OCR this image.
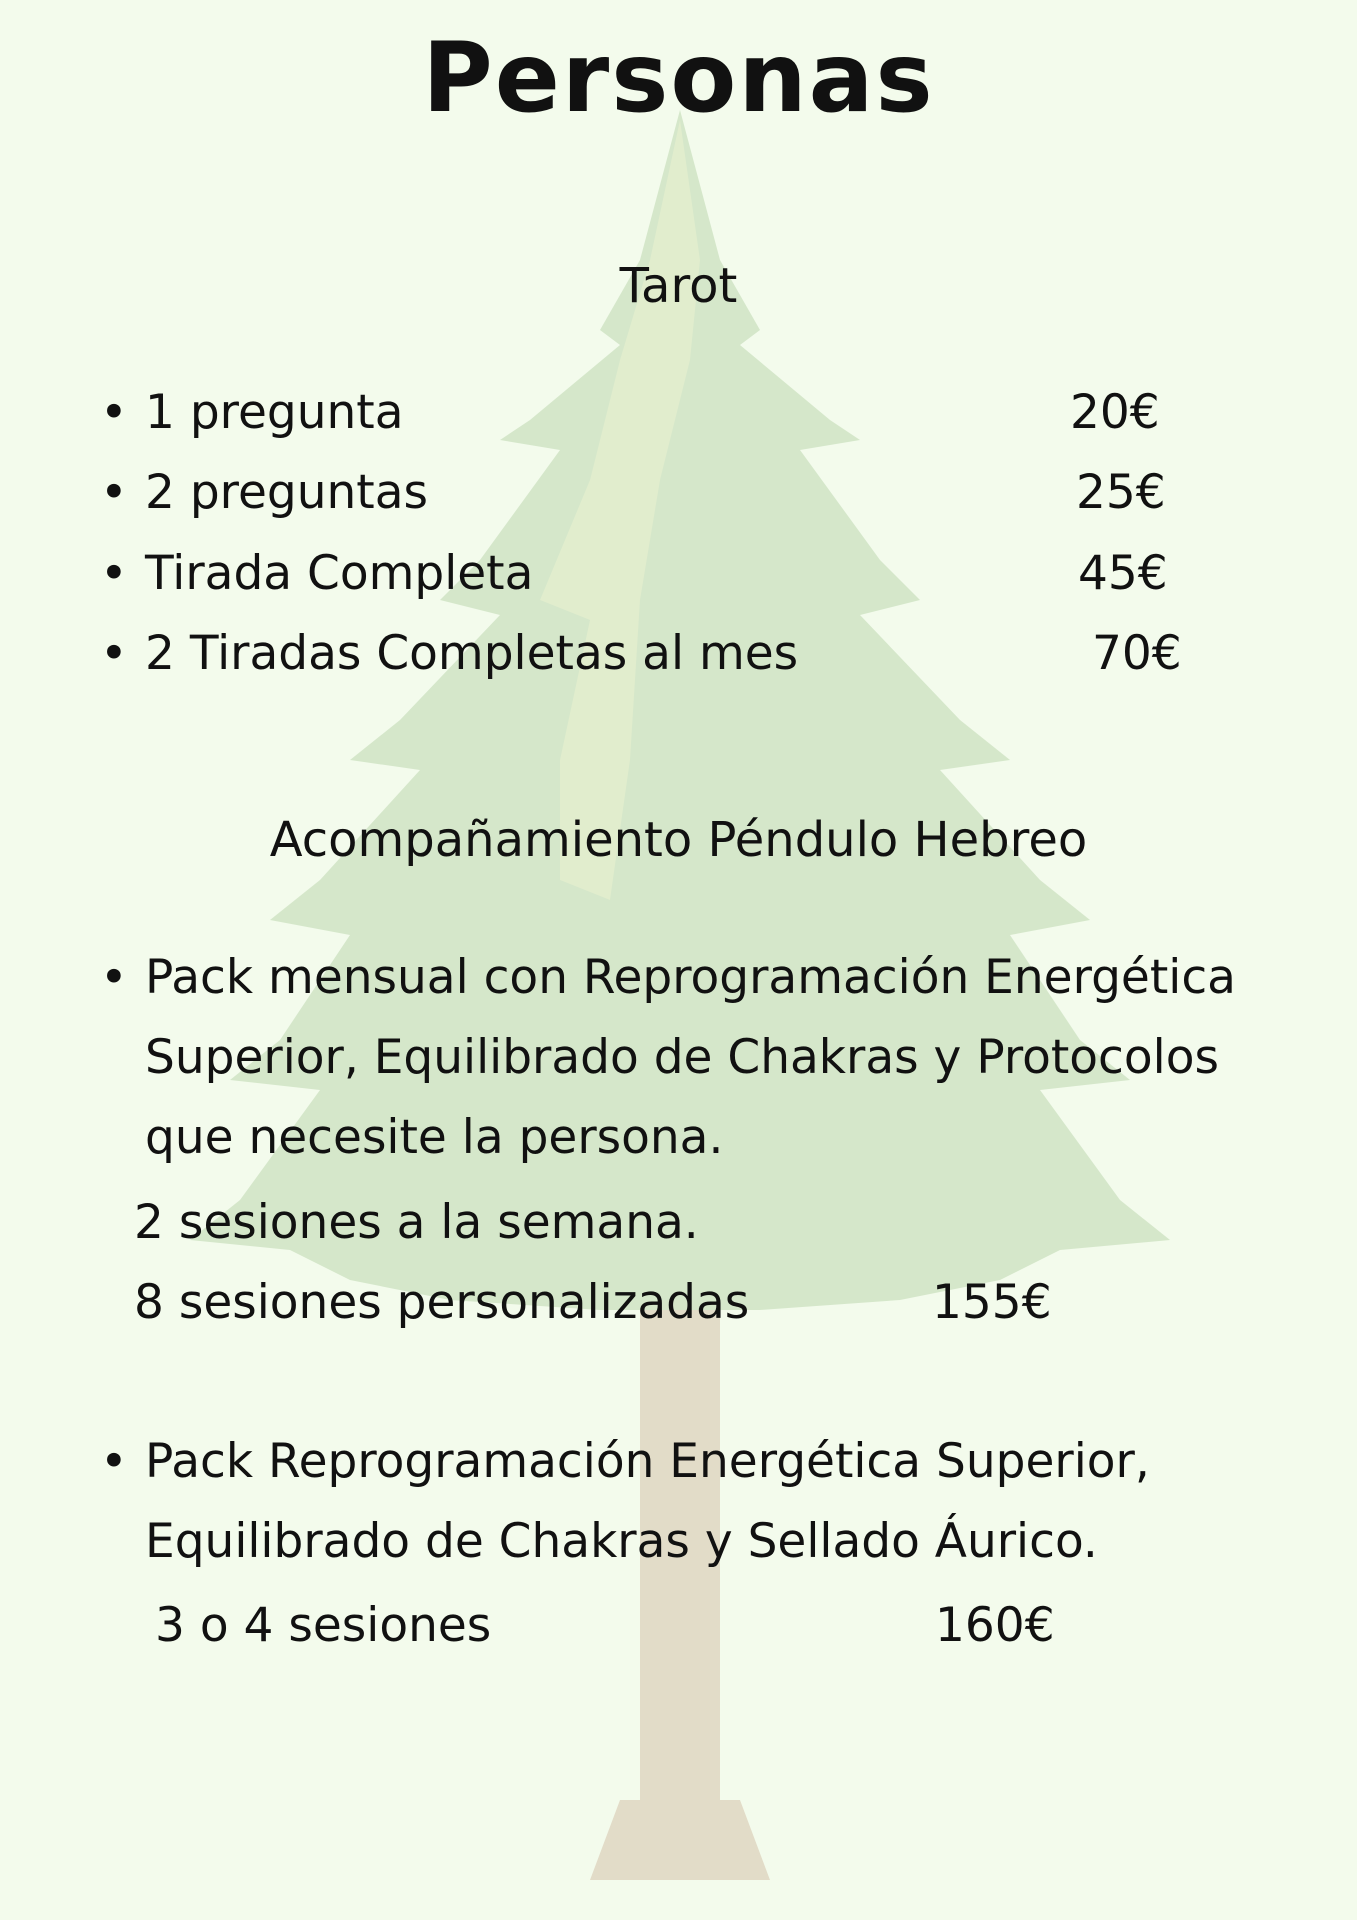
Personas
Tarot
• 1 pregunta	20€
• 2 preguntas	25€
• Tirada Completa	45€
• 2 Tiradas Completas al mes	70€
Acompañamiento Péndulo Hebreo
• Pack mensual con Reprogramación Energética Superior, Equilibrado de Chakras y Protocolos que necesite la persona.
2 sesiones a la semana.
8 sesiones personalizadas	155€
• Pack Reprogramación Energética Superior, Equilibrado de Chakras y Sellado Áurico.
3 o 4 sesiones	160€
